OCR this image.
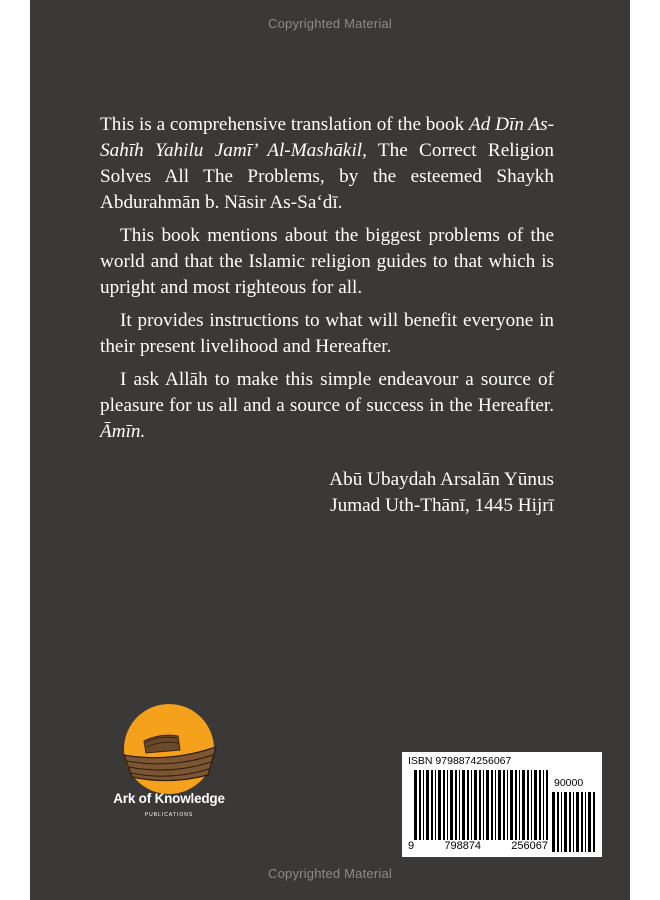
Copyrighted Material

This is a comprehensive translation of the book Ad Dīn As-Sahīh Yahilu Jamī’ Al-Mashākil, The Correct Religion Solves All The Problems, by the esteemed Shaykh Abdurahmān b. Nāsir As-Sa‘dī.

This book mentions about the biggest problems of the world and that the Islamic religion guides to that which is upright and most righteous for all.

It provides instructions to what will benefit everyone in their present livelihood and Hereafter.

I ask Allāh to make this simple endeavour a source of pleasure for us all and a source of success in the Hereafter. Āmīn.

Abū Ubaydah Arsalān Yūnus
Jumad Uth-Thānī, 1445 Hijrī
Ark of Knowledge
PUBLICATIONS
ISBN 9798874256067
90000
9	798874	256067
Copyrighted Material
